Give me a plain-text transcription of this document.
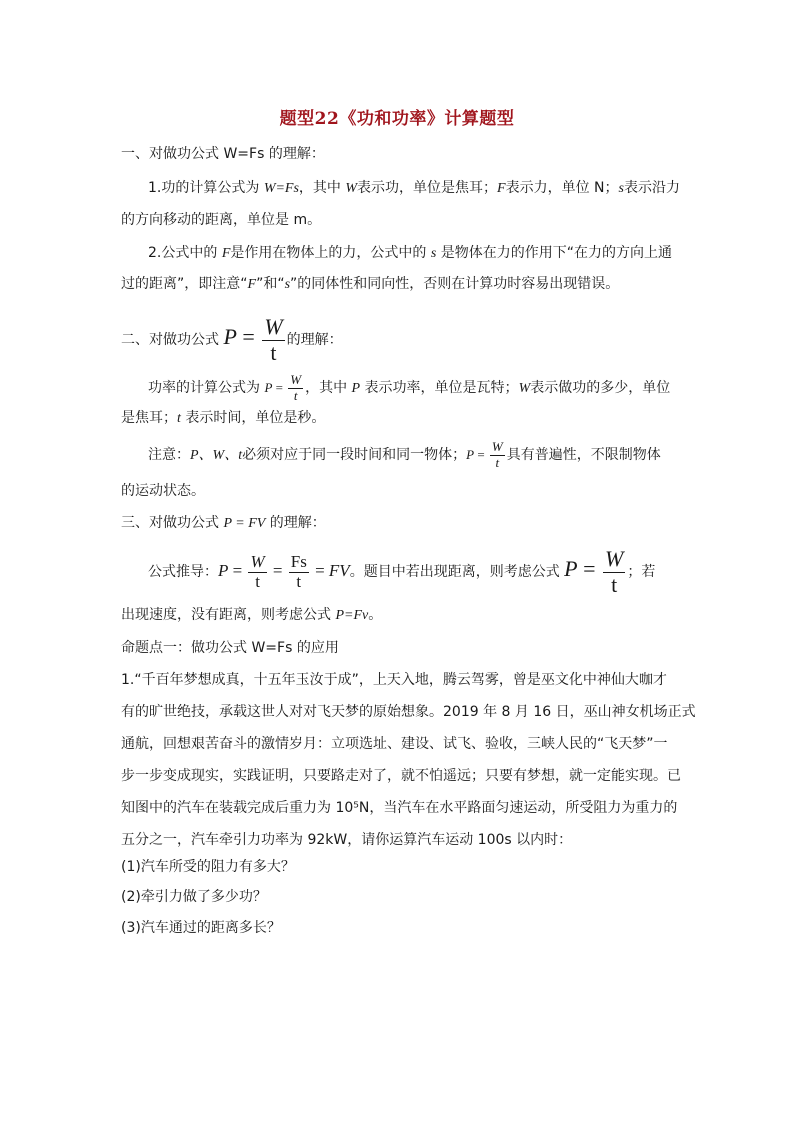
题型22《功和功率》计算题型
一、对做功公式 W=Fs 的理解：
1.功的计算公式为 W=Fs，其中 W表示功，单位是焦耳；F表示力，单位 N；s表示沿力
的方向移动的距离，单位是 m。
2.公式中的 F是作用在物体上的力，公式中的 s 是物体在力的作用下“在力的方向上通
过的距离”，即注意“F”和“s”的同体性和同向性，否则在计算功时容易出现错误。
二、对做功公式 $P = \frac{W}{t}$ 的理解：
功率的计算公式为 $P = \frac{W}{t}$ ，其中 P 表示功率，单位是瓦特；W表示做功的多少，单位
是焦耳；t 表示时间，单位是秒。
注意：P、W、t必须对应于同一段时间和同一物体；$P = \frac{W}{t}$ 具有普遍性，不限制物体
的运动状态。
三、对做功公式 P = FV 的理解：
公式推导：$P = \frac{W}{t} = \frac{Fs}{t}$ = FV。题目中若出现距离，则考虑公式 $P = \frac{W}{t}$ ；若
出现速度，没有距离，则考虑公式 P=Fv。
命题点一：做功公式 W=Fs 的应用
1.“千百年梦想成真，十五年玉汝于成”，上天入地，腾云驾雾，曾是巫文化中神仙大咖才
有的旷世绝技，承载这世人对对飞天梦的原始想象。2019 年 8 月 16 日，巫山神女机场正式
通航，回想艰苦奋斗的激情岁月：立项选址、建设、试飞、验收，三峡人民的“飞天梦”一
步一步变成现实，实践证明，只要路走对了，就不怕遥远；只要有梦想，就一定能实现。已
知图中的汽车在装载完成后重力为 10⁵N，当汽车在水平路面匀速运动，所受阻力为重力的
五分之一，汽车牵引力功率为 92kW，请你运算汽车运动 100s 以内时：
(1)汽车所受的阻力有多大？
(2)牵引力做了多少功？
(3)汽车通过的距离多长？
